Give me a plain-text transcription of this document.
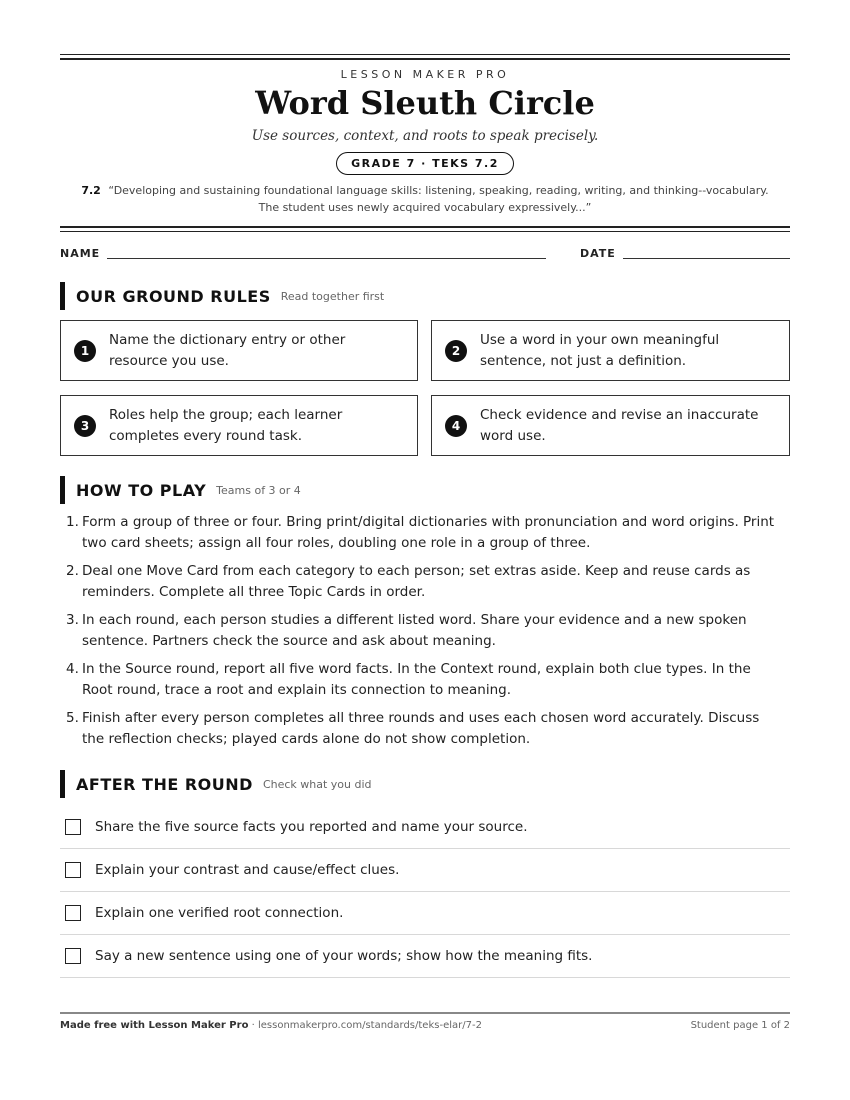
LESSON MAKER PRO
Word Sleuth Circle
Use sources, context, and roots to speak precisely.
GRADE 7 · TEKS 7.2
7.2 “Developing and sustaining foundational language skills: listening, speaking, reading, writing, and thinking--vocabulary. The student uses newly acquired vocabulary expressively...”
NAME	DATE
OUR GROUND RULES Read together first
1
Name the dictionary entry or other resource you use.
2
Use a word in your own meaningful sentence, not just a definition.
3
Roles help the group; each learner completes every round task.
4
Check evidence and revise an inaccurate word use.
HOW TO PLAY Teams of 3 or 4
1. Form a group of three or four. Bring print/digital dictionaries with pronunciation and word origins. Print two card sheets; assign all four roles, doubling one role in a group of three.
2. Deal one Move Card from each category to each person; set extras aside. Keep and reuse cards as reminders. Complete all three Topic Cards in order.
3. In each round, each person studies a different listed word. Share your evidence and a new spoken sentence. Partners check the source and ask about meaning.
4. In the Source round, report all five word facts. In the Context round, explain both clue types. In the Root round, trace a root and explain its connection to meaning.
5. Finish after every person completes all three rounds and uses each chosen word accurately. Discuss the reflection checks; played cards alone do not show completion.
AFTER THE ROUND Check what you did
Share the five source facts you reported and name your source.
Explain your contrast and cause/effect clues.
Explain one verified root connection.
Say a new sentence using one of your words; show how the meaning fits.
Made free with Lesson Maker Pro · lessonmakerpro.com/standards/teks-elar/7-2	Student page 1 of 2
